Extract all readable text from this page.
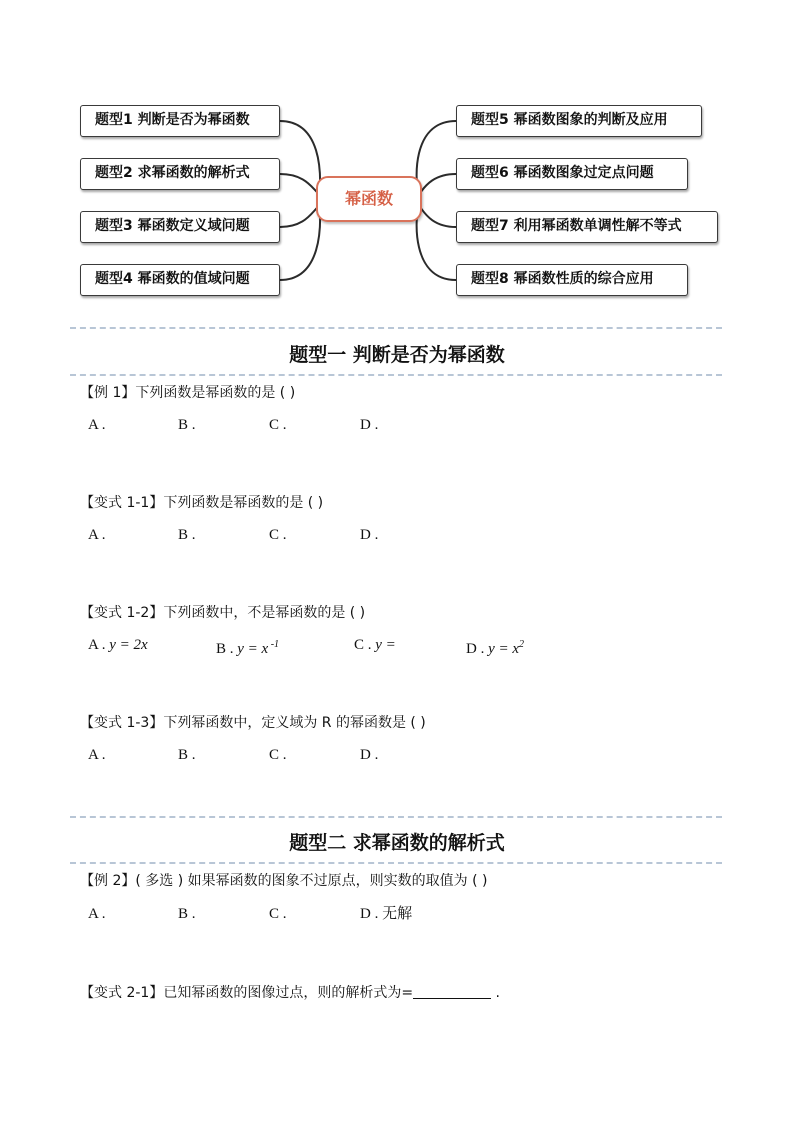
幂函数
题型1 判断是否为幂函数
题型2 求幂函数的解析式
题型3 幂函数定义域问题
题型4 幂函数的值域问题
题型5 幂函数图象的判断及应用
题型6 幂函数图象过定点问题
题型7 利用幂函数单调性解不等式
题型8 幂函数性质的综合应用
题型一 判断是否为幂函数
【例 1】下列函数是幂函数的是 ( )
A .	B .	C .	D .
【变式 1-1】下列函数是幂函数的是 ( )
A .	B .	C .	D .
【变式 1-2】下列函数中，不是幂函数的是 ( )
A . y = 2x	B . y = x $^{-1}$	C . y =	D . $y = x^2$
【变式 1-3】下列幂函数中，定义域为 R 的幂函数是 ( )
A .	B .	C .	D .
题型二 求幂函数的解析式
【例 2】( 多选 ) 如果幂函数的图象不过原点，则实数的取值为 ( )
A .	B .	C .	D . 无解
【变式 2-1】已知幂函数的图像过点，则的解析式为=	.
